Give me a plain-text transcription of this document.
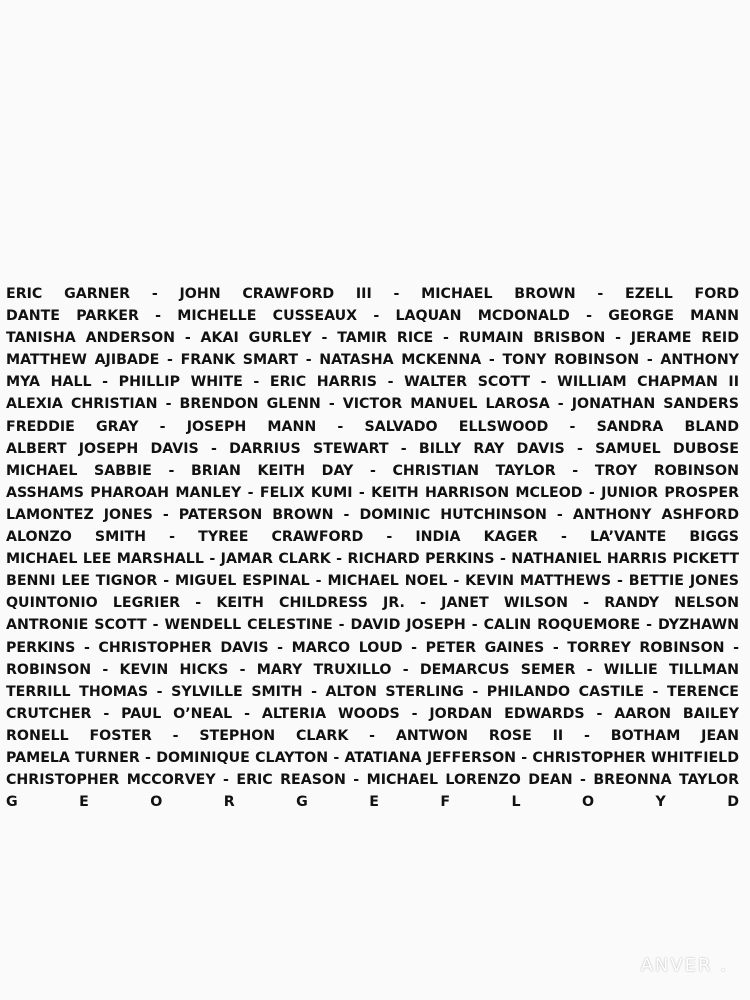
ERIC GARNER - JOHN CRAWFORD III - MICHAEL BROWN - EZELL FORD
DANTE PARKER - MICHELLE CUSSEAUX - LAQUAN MCDONALD - GEORGE MANN
TANISHA ANDERSON - AKAI GURLEY - TAMIR RICE - RUMAIN BRISBON - JERAME REID
MATTHEW AJIBADE - FRANK SMART - NATASHA MCKENNA - TONY ROBINSON - ANTHONY
MYA HALL - PHILLIP WHITE - ERIC HARRIS - WALTER SCOTT - WILLIAM CHAPMAN II
ALEXIA CHRISTIAN - BRENDON GLENN - VICTOR MANUEL LAROSA - JONATHAN SANDERS
FREDDIE GRAY - JOSEPH MANN - SALVADO ELLSWOOD - SANDRA BLAND
ALBERT JOSEPH DAVIS - DARRIUS STEWART - BILLY RAY DAVIS - SAMUEL DUBOSE
MICHAEL SABBIE - BRIAN KEITH DAY - CHRISTIAN TAYLOR - TROY ROBINSON
ASSHAMS PHAROAH MANLEY - FELIX KUMI - KEITH HARRISON MCLEOD - JUNIOR PROSPER
LAMONTEZ JONES - PATERSON BROWN - DOMINIC HUTCHINSON - ANTHONY ASHFORD
ALONZO SMITH - TYREE CRAWFORD - INDIA KAGER - LA’VANTE BIGGS
MICHAEL LEE MARSHALL - JAMAR CLARK - RICHARD PERKINS - NATHANIEL HARRIS PICKETT
BENNI LEE TIGNOR - MIGUEL ESPINAL - MICHAEL NOEL - KEVIN MATTHEWS - BETTIE JONES
QUINTONIO LEGRIER - KEITH CHILDRESS JR. - JANET WILSON - RANDY NELSON
ANTRONIE SCOTT - WENDELL CELESTINE - DAVID JOSEPH - CALIN ROQUEMORE - DYZHAWN
PERKINS - CHRISTOPHER DAVIS - MARCO LOUD - PETER GAINES - TORREY ROBINSON -
ROBINSON - KEVIN HICKS - MARY TRUXILLO - DEMARCUS SEMER - WILLIE TILLMAN
TERRILL THOMAS - SYLVILLE SMITH - ALTON STERLING - PHILANDO CASTILE - TERENCE
CRUTCHER - PAUL O’NEAL - ALTERIA WOODS - JORDAN EDWARDS - AARON BAILEY
RONELL FOSTER - STEPHON CLARK - ANTWON ROSE II - BOTHAM JEAN
PAMELA TURNER - DOMINIQUE CLAYTON - ATATIANA JEFFERSON - CHRISTOPHER WHITFIELD
CHRISTOPHER MCCORVEY - ERIC REASON - MICHAEL LORENZO DEAN - BREONNA TAYLOR
G E O R G E F L O Y D
ANVER .
